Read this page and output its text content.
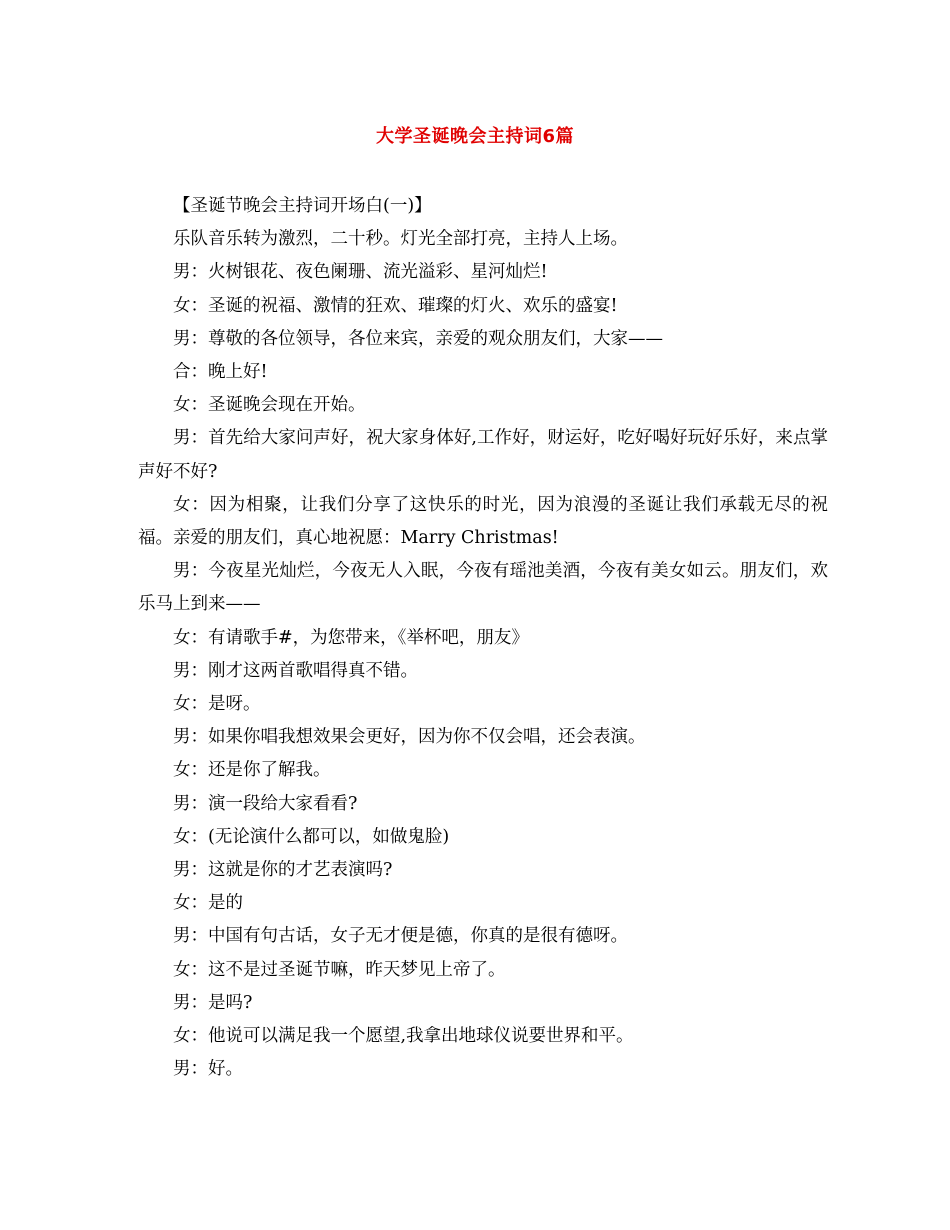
大学圣诞晚会主持词6篇
【圣诞节晚会主持词开场白(一)】

乐队音乐转为激烈，二十秒。灯光全部打亮，主持人上场。

男：火树银花、夜色阑珊、流光溢彩、星河灿烂!

女：圣诞的祝福、激情的狂欢、璀璨的灯火、欢乐的盛宴!

男：尊敬的各位领导，各位来宾，亲爱的观众朋友们，大家——

合：晚上好!

女：圣诞晚会现在开始。

男：首先给大家问声好，祝大家身体好,工作好，财运好，吃好喝好玩好乐好，来点掌声好不好?

女：因为相聚，让我们分享了这快乐的时光，因为浪漫的圣诞让我们承载无尽的祝福。亲爱的朋友们，真心地祝愿：Marry Christmas!

男：今夜星光灿烂，今夜无人入眠，今夜有瑶池美酒，今夜有美女如云。朋友们，欢乐马上到来——

女：有请歌手#，为您带来，《举杯吧，朋友》

男：刚才这两首歌唱得真不错。

女：是呀。

男：如果你唱我想效果会更好，因为你不仅会唱，还会表演。

女：还是你了解我。

男：演一段给大家看看?

女：(无论演什么都可以，如做鬼脸)

男：这就是你的才艺表演吗?

女：是的

男：中国有句古话，女子无才便是德，你真的是很有德呀。

女：这不是过圣诞节嘛，昨天梦见上帝了。

男：是吗?

女：他说可以满足我一个愿望,我拿出地球仪说要世界和平。

男：好。
